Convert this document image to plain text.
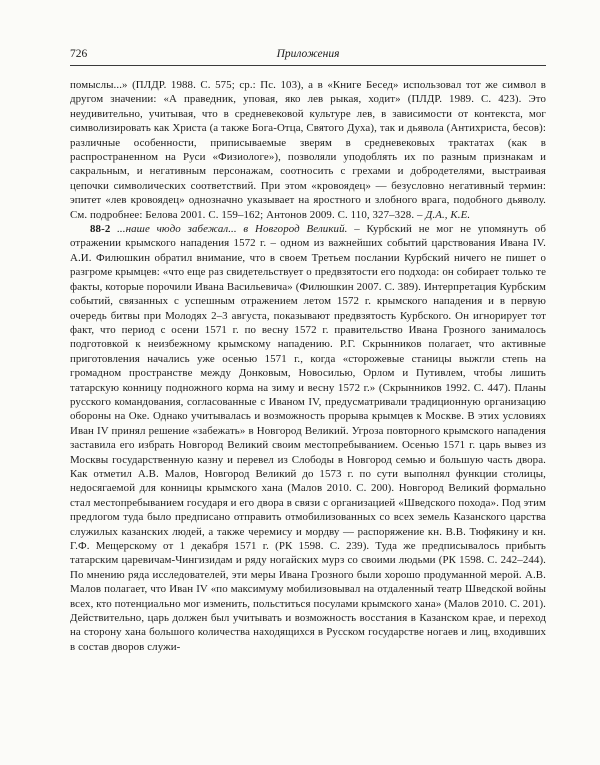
726	Приложения

помыслы...» (ПЛДР. 1988. С. 575; ср.: Пс. 103), а в «Книге Бесед» использовал тот же символ в другом значении: «А праведник, уповая, яко лев рыкая, ходит» (ПЛДР. 1989. С. 423). Это неудивительно, учитывая, что в средневековой культуре лев, в зависимости от контекста, мог символизировать как Христа (а также Бога-Отца, Святого Духа), так и дьявола (Антихриста, бесов): различные особенности, приписываемые зверям в средневековых трактатах (как в распространенном на Руси «Физиологе»), позволяли уподоблять их по разным признакам и сакральным, и негативным персонажам, соотносить с грехами и добродетелями, выстраивая цепочки символических соответствий. При этом «кровоядец» — безусловно негативный термин: эпитет «лев кровоядец» однозначно указывает на яростного и злобного врага, подобного дьяволу. См. подробнее: Белова 2001. С. 159–162; Антонов 2009. С. 110, 327–328. – Д.А., К.Е.

88-2 ...наше чюдо забежал... в Новгород Великий. – Курбский не мог не упомянуть об отражении крымского нападения 1572 г. – одном из важнейших событий царствования Ивана IV. А.И. Филюшкин обратил внимание, что в своем Третьем послании Курбский ничего не пишет о разгроме крымцев: «что еще раз свидетельствует о предвзятости его подхода: он собирает только те факты, которые порочили Ивана Васильевича» (Филюшкин 2007. С. 389). Интерпретация Курбским событий, связанных с успешным отражением летом 1572 г. крымского нападения и в первую очередь битвы при Молодях 2–3 августа, показывают предвзятость Курбского. Он игнорирует тот факт, что период с осени 1571 г. по весну 1572 г. правительство Ивана Грозного занималось подготовкой к неизбежному крымскому нападению. Р.Г. Скрынников полагает, что активные приготовления начались уже осенью 1571 г., когда «сторожевые станицы выжгли степь на громадном пространстве между Донковым, Новосилью, Орлом и Путивлем, чтобы лишить татарскую конницу подножного корма на зиму и весну 1572 г.» (Скрынников 1992. С. 447). Планы русского командования, согласованные с Иваном IV, предусматривали традиционную организацию обороны на Оке. Однако учитывалась и возможность прорыва крымцев к Москве. В этих условиях Иван IV принял решение «забежать» в Новгород Великий. Угроза повторного крымского нападения заставила его избрать Новгород Великий своим местопребыванием. Осенью 1571 г. царь вывез из Москвы государственную казну и перевел из Слободы в Новгород семью и большую часть двора. Как отметил А.В. Малов, Новгород Великий до 1573 г. по сути выполнял функции столицы, недосягаемой для конницы крымского хана (Малов 2010. С. 200). Новгород Великий формально стал местопребыванием государя и его двора в связи с организацией «Шведского похода». Под этим предлогом туда было предписано отправить отмобилизованных со всех земель Казанского царства служилых казанских людей, а также черемису и мордву — распоряжение кн. В.В. Тюфякину и кн. Г.Ф. Мещерскому от 1 декабря 1571 г. (РК 1598. С. 239). Туда же предписывалось прибыть татарским царевичам-Чингизидам и ряду ногайских мурз со своими людьми (РК 1598. С. 242–244). По мнению ряда исследователей, эти меры Ивана Грозного были хорошо продуманной мерой. А.В. Малов полагает, что Иван IV «по максимуму мобилизовывал на отдаленный театр Шведской войны всех, кто потенциально мог изменить, польститься посулами крымского хана» (Малов 2010. С. 201). Действительно, царь должен был учитывать и возможность восстания в Казанском крае, и переход на сторону хана большого количества находящихся в Русском государстве ногаев и лиц, входивших в состав дворов служи-
